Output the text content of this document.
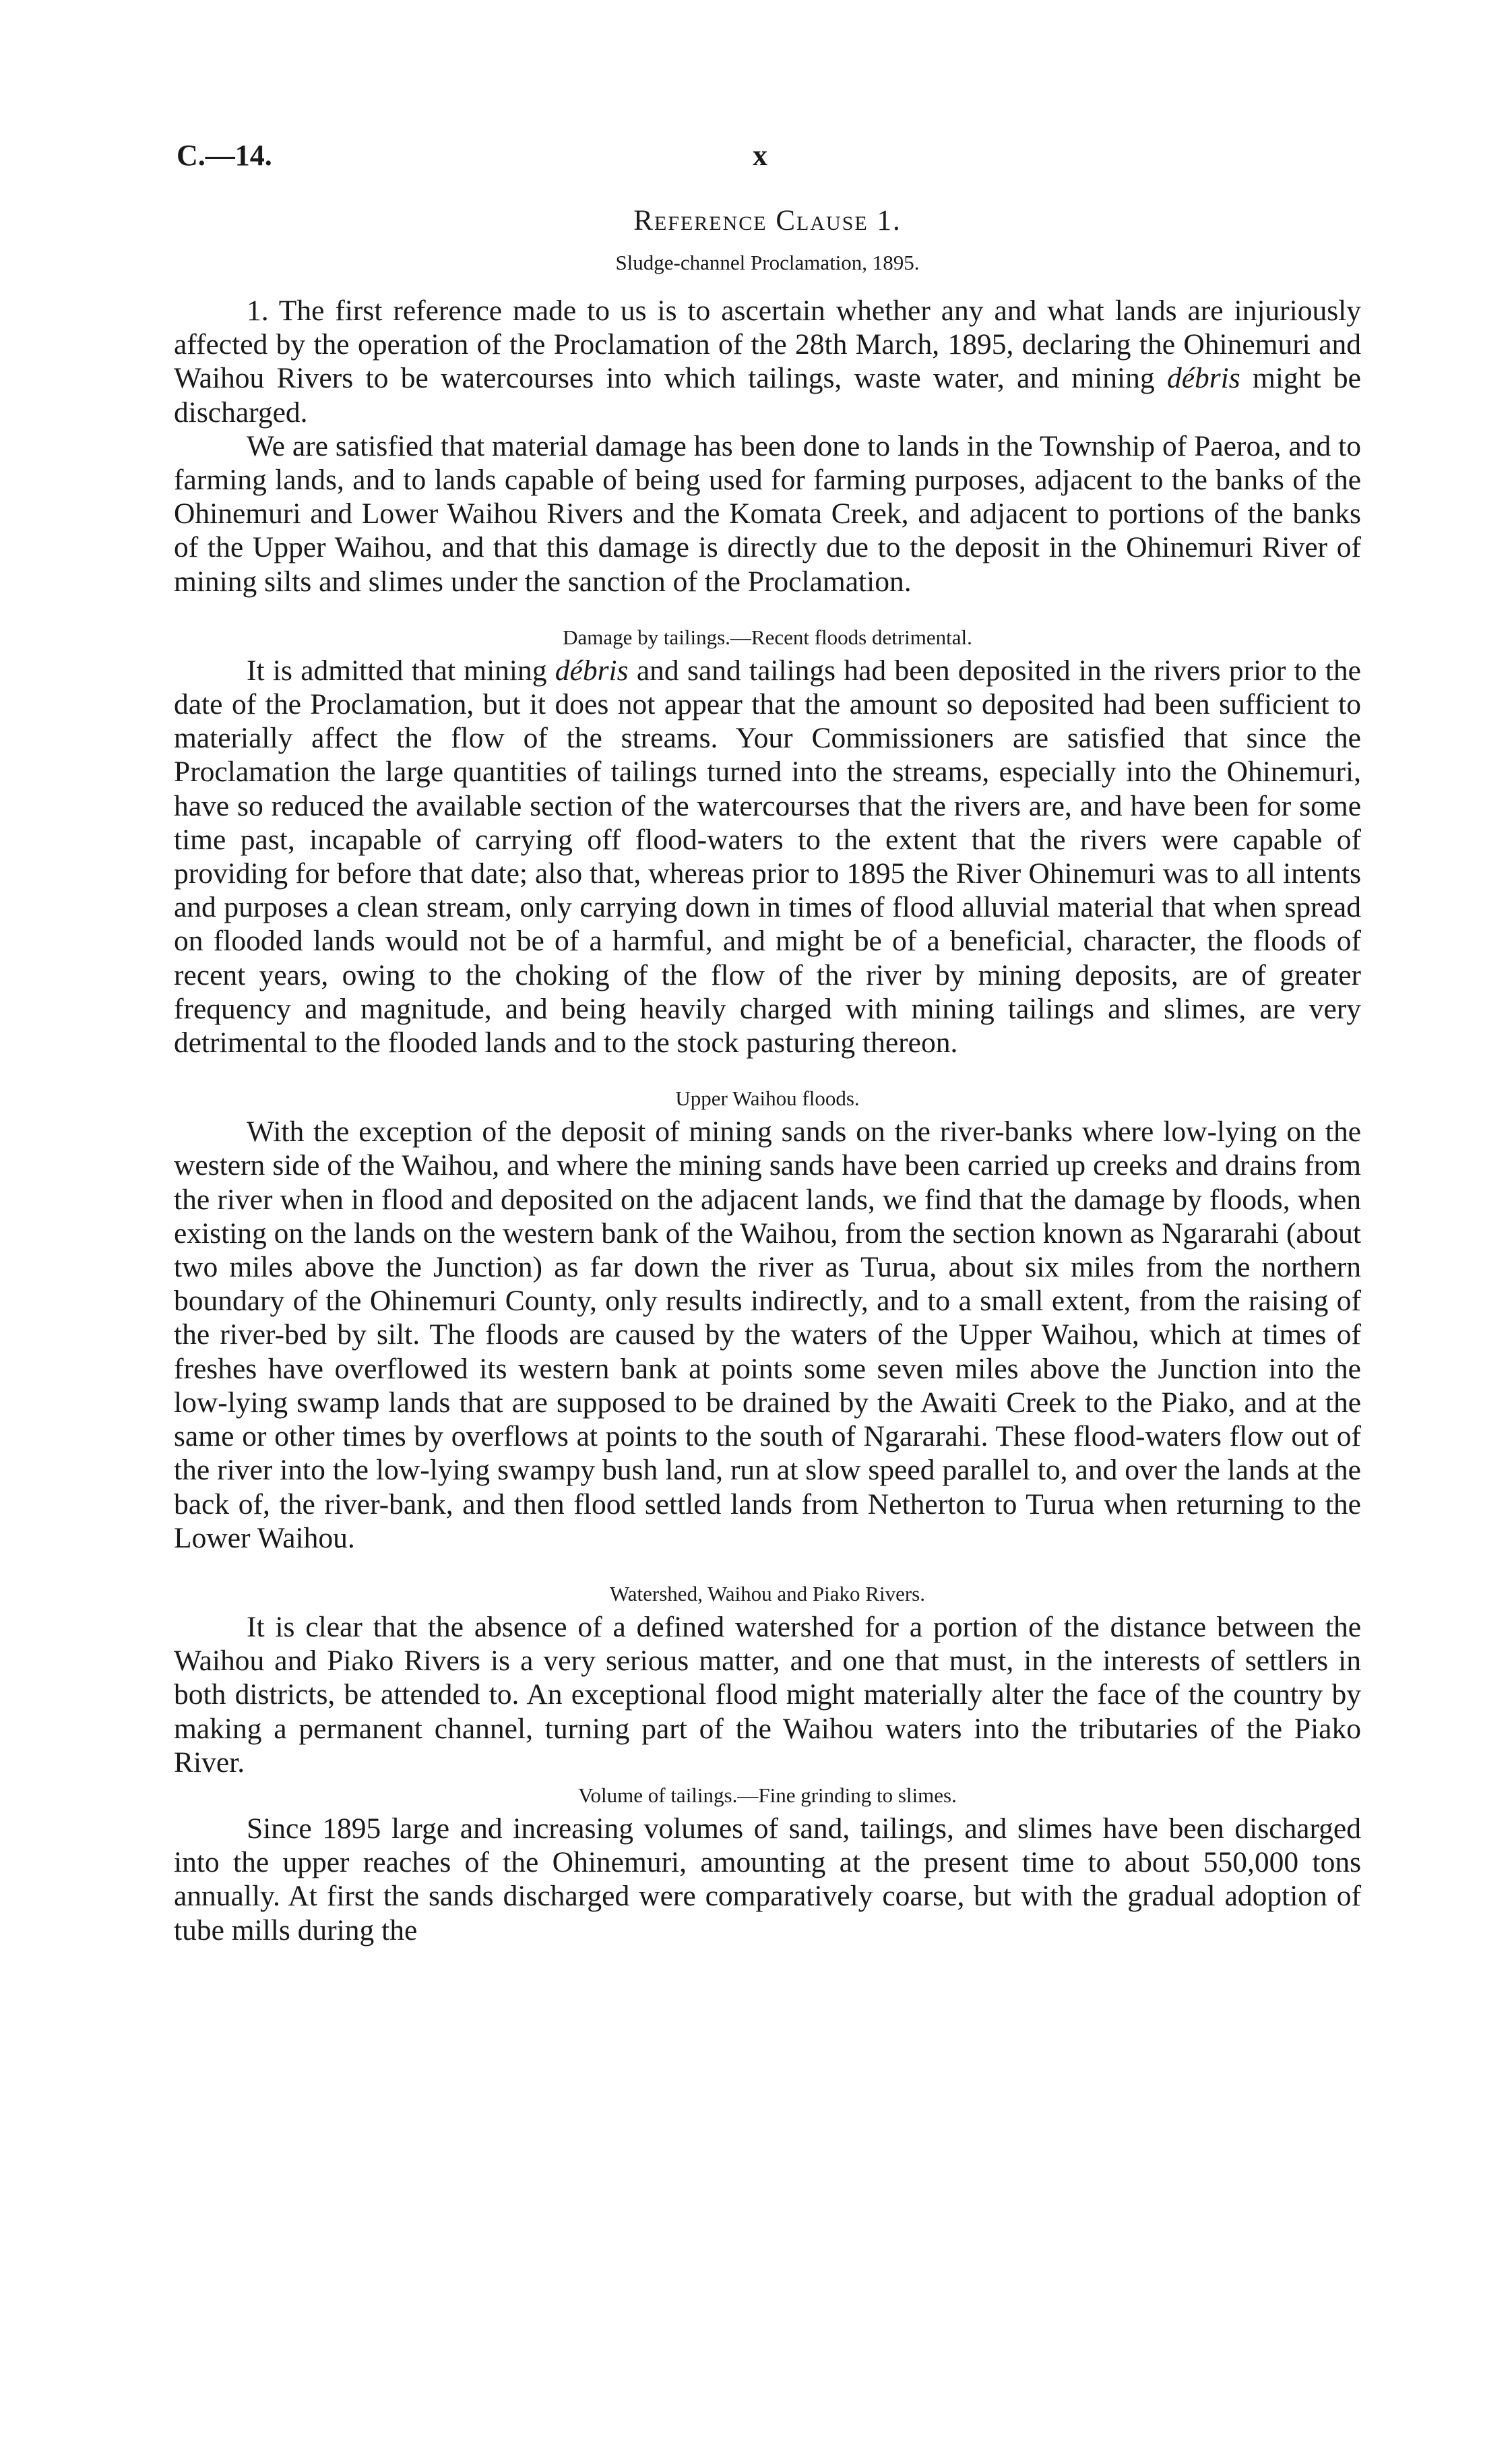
C.—14.	x

Reference Clause 1.

Sludge-channel Proclamation, 1895.

1. The first reference made to us is to ascertain whether any and what lands are injuriously affected by the operation of the Proclamation of the 28th March, 1895, declaring the Ohinemuri and Waihou Rivers to be watercourses into which tailings, waste water, and mining débris might be discharged.

We are satisfied that material damage has been done to lands in the Township of Paeroa, and to farming lands, and to lands capable of being used for farming purposes, adjacent to the banks of the Ohinemuri and Lower Waihou Rivers and the Komata Creek, and adjacent to portions of the banks of the Upper Waihou, and that this damage is directly due to the deposit in the Ohinemuri River of mining silts and slimes under the sanction of the Proclamation.

Damage by tailings.—Recent floods detrimental.

It is admitted that mining débris and sand tailings had been deposited in the rivers prior to the date of the Proclamation, but it does not appear that the amount so deposited had been sufficient to materially affect the flow of the streams. Your Commissioners are satisfied that since the Proclamation the large quantities of tailings turned into the streams, especially into the Ohinemuri, have so reduced the available section of the watercourses that the rivers are, and have been for some time past, incapable of carrying off flood-waters to the extent that the rivers were capable of providing for before that date; also that, whereas prior to 1895 the River Ohinemuri was to all intents and purposes a clean stream, only carrying down in times of flood alluvial material that when spread on flooded lands would not be of a harmful, and might be of a beneficial, character, the floods of recent years, owing to the choking of the flow of the river by mining deposits, are of greater frequency and magnitude, and being heavily charged with mining tailings and slimes, are very detrimental to the flooded lands and to the stock pasturing thereon.

Upper Waihou floods.

With the exception of the deposit of mining sands on the river-banks where low-lying on the western side of the Waihou, and where the mining sands have been carried up creeks and drains from the river when in flood and deposited on the adjacent lands, we find that the damage by floods, when existing on the lands on the western bank of the Waihou, from the section known as Ngararahi (about two miles above the Junction) as far down the river as Turua, about six miles from the northern boundary of the Ohinemuri County, only results indirectly, and to a small extent, from the raising of the river-bed by silt. The floods are caused by the waters of the Upper Waihou, which at times of freshes have overflowed its western bank at points some seven miles above the Junction into the low-lying swamp lands that are supposed to be drained by the Awaiti Creek to the Piako, and at the same or other times by overflows at points to the south of Ngararahi. These flood-waters flow out of the river into the low-lying swampy bush land, run at slow speed parallel to, and over the lands at the back of, the river-bank, and then flood settled lands from Netherton to Turua when returning to the Lower Waihou.

Watershed, Waihou and Piako Rivers.

It is clear that the absence of a defined watershed for a portion of the distance between the Waihou and Piako Rivers is a very serious matter, and one that must, in the interests of settlers in both districts, be attended to. An exceptional flood might materially alter the face of the country by making a permanent channel, turning part of the Waihou waters into the tributaries of the Piako River.

Volume of tailings.—Fine grinding to slimes.

Since 1895 large and increasing volumes of sand, tailings, and slimes have been discharged into the upper reaches of the Ohinemuri, amounting at the present time to about 550,000 tons annually. At first the sands discharged were comparatively coarse, but with the gradual adoption of tube mills during the
